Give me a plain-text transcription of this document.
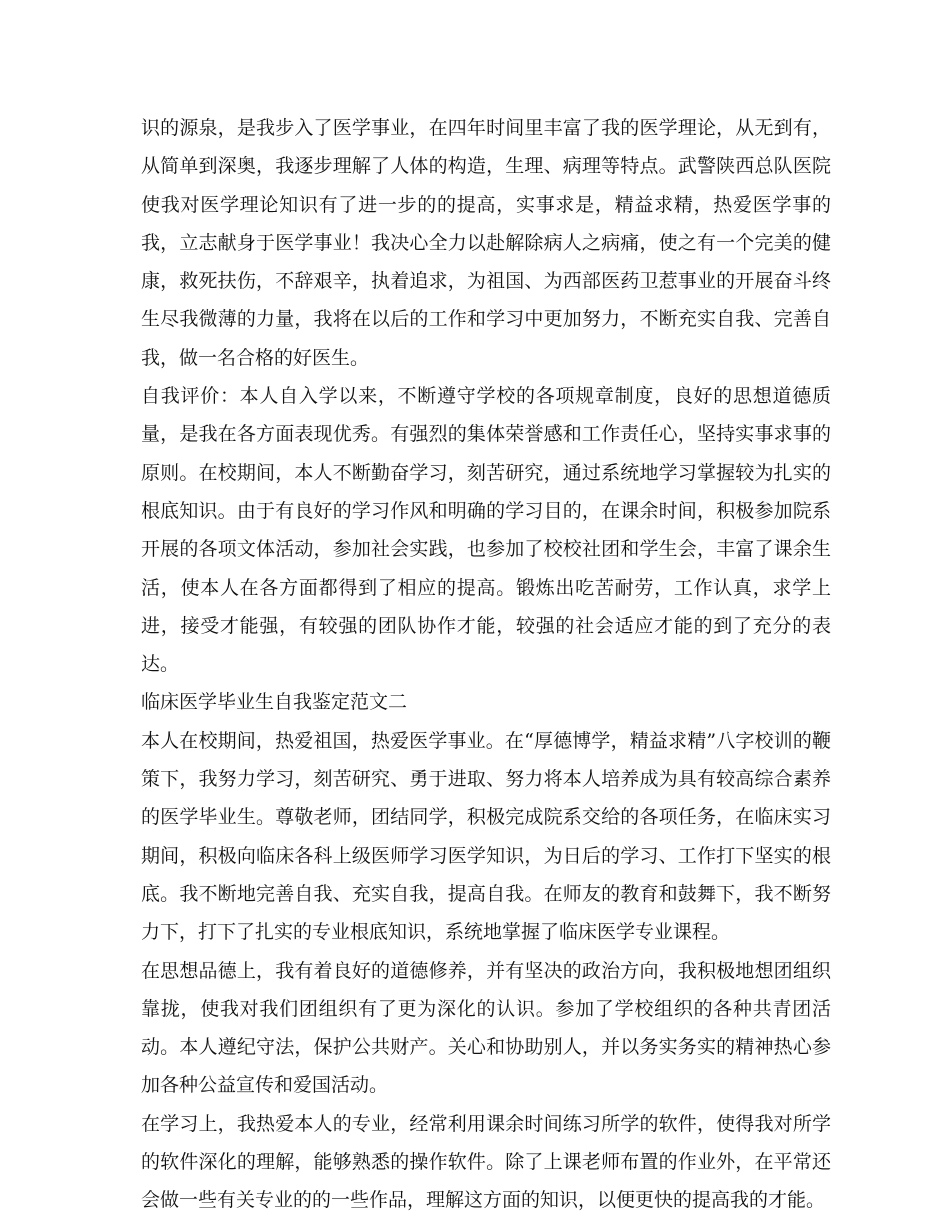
识的源泉，是我步入了医学事业，在四年时间里丰富了我的医学理论，从无到有，从简单到深奥，我逐步理解了人体的构造，生理、病理等特点。武警陕西总队医院使我对医学理论知识有了进一步的的提高，实事求是，精益求精，热爱医学事的我，立志献身于医学事业！我决心全力以赴解除病人之病痛，使之有一个完美的健康，救死扶伤，不辞艰辛，执着追求，为祖国、为西部医药卫惹事业的开展奋斗终生尽我微薄的力量，我将在以后的工作和学习中更加努力，不断充实自我、完善自我，做一名合格的好医生。

自我评价：本人自入学以来，不断遵守学校的各项规章制度，良好的思想道德质量，是我在各方面表现优秀。有强烈的集体荣誉感和工作责任心，坚持实事求事的原则。在校期间，本人不断勤奋学习，刻苦研究，通过系统地学习掌握较为扎实的根底知识。由于有良好的学习作风和明确的学习目的，在课余时间，积极参加院系开展的各项文体活动，参加社会实践，也参加了校校社团和学生会，丰富了课余生活，使本人在各方面都得到了相应的提高。锻炼出吃苦耐劳，工作认真，求学上进，接受才能强，有较强的团队协作才能，较强的社会适应才能的到了充分的表达。

临床医学毕业生自我鉴定范文二

本人在校期间，热爱祖国，热爱医学事业。在“厚德博学，精益求精”八字校训的鞭策下，我努力学习，刻苦研究、勇于进取、努力将本人培养成为具有较高综合素养的医学毕业生。尊敬老师，团结同学，积极完成院系交给的各项任务，在临床实习期间，积极向临床各科上级医师学习医学知识，为日后的学习、工作打下坚实的根底。我不断地完善自我、充实自我，提高自我。在师友的教育和鼓舞下，我不断努力下，打下了扎实的专业根底知识，系统地掌握了临床医学专业课程。

在思想品德上，我有着良好的道德修养，并有坚决的政治方向，我积极地想团组织靠拢，使我对我们团组织有了更为深化的认识。参加了学校组织的各种共青团活动。本人遵纪守法，保护公共财产。关心和协助别人，并以务实务实的精神热心参加各种公益宣传和爱国活动。

在学习上，我热爱本人的专业，经常利用课余时间练习所学的软件，使得我对所学的软件深化的理解，能够熟悉的操作软件。除了上课老师布置的作业外，在平常还会做一些有关专业的的一些作品，理解这方面的知识，以便更快的提高我的才能。
